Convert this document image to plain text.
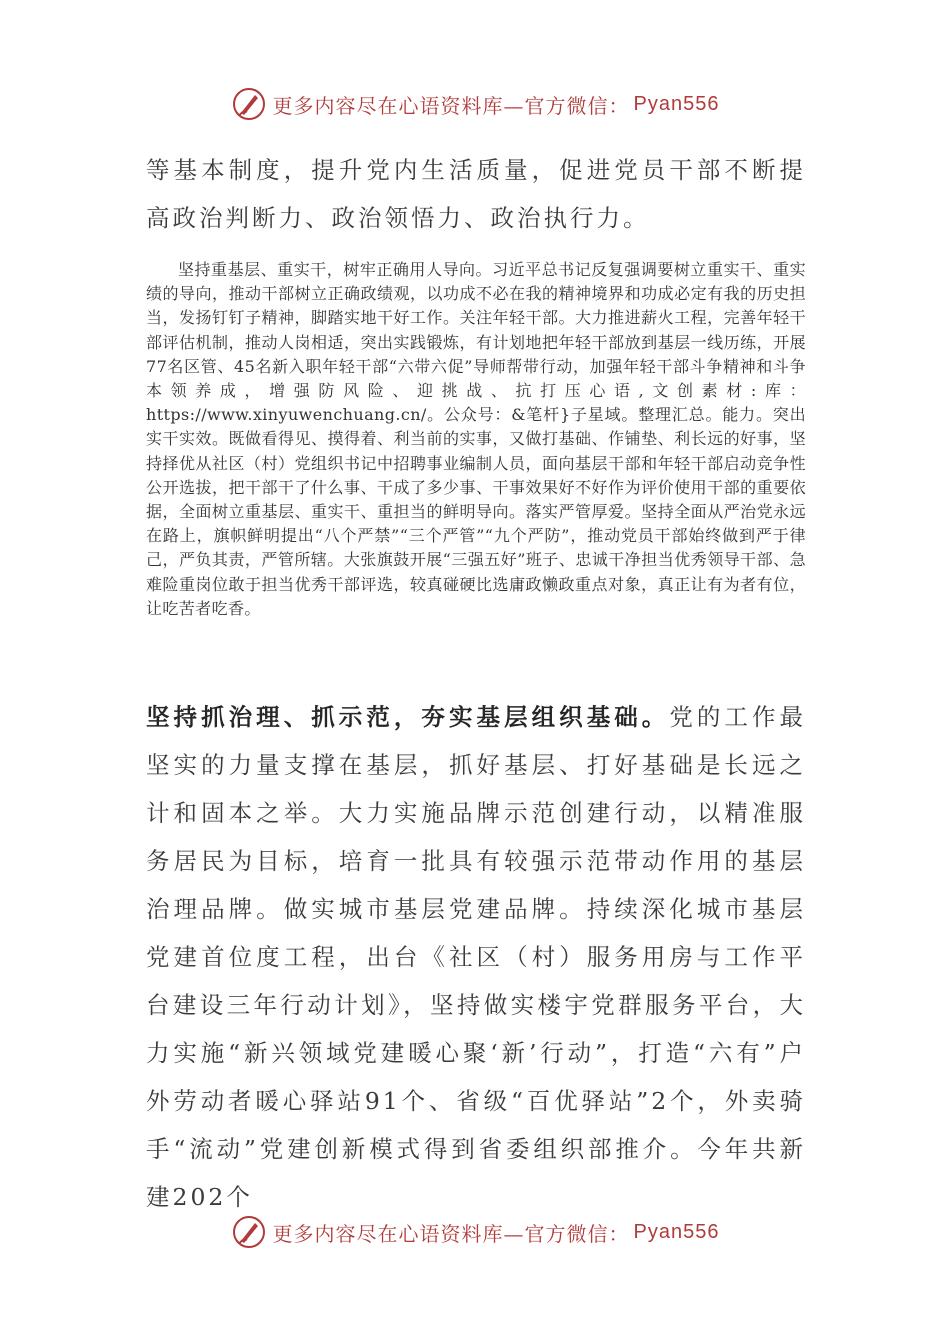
更多内容尽在心语资料库—官方微信： Pyan556

等基本制度，提升党内生活质量，促进党员干部不断提高政治判断力、政治领悟力、政治执行力。

坚持重基层、重实干，树牢正确用人导向。习近平总书记反复强调要树立重实干、重实绩的导向，推动干部树立正确政绩观，以功成不必在我的精神境界和功成必定有我的历史担当，发扬钉钉子精神，脚踏实地干好工作。关注年轻干部。大力推进薪火工程，完善年轻干部评估机制，推动人岗相适，突出实践锻炼，有计划地把年轻干部放到基层一线历练，开展77名区管、45名新入职年轻干部“六带六促”导师帮带行动，加强年轻干部斗争精神和斗争本领养成，增强防风险、迎挑战、抗打压心语,文创素材:库：https://www.xinyuwenchuang.cn/。公众号：&笔杆}子星域。整理汇总。能力。突出实干实效。既做看得见、摸得着、利当前的实事，又做打基础、作铺垫、利长远的好事，坚持择优从社区（村）党组织书记中招聘事业编制人员，面向基层干部和年轻干部启动竞争性公开选拔，把干部干了什么事、干成了多少事、干事效果好不好作为评价使用干部的重要依据，全面树立重基层、重实干、重担当的鲜明导向。落实严管厚爱。坚持全面从严治党永远在路上，旗帜鲜明提出“八个严禁”“三个严管”“九个严防”，推动党员干部始终做到严于律己，严负其责，严管所辖。大张旗鼓开展“三强五好”班子、忠诚干净担当优秀领导干部、急难险重岗位敢于担当优秀干部评选，较真碰硬比选庸政懒政重点对象，真正让有为者有位，让吃苦者吃香。

坚持抓治理、抓示范，夯实基层组织基础。党的工作最坚实的力量支撑在基层，抓好基层、打好基础是长远之计和固本之举。大力实施品牌示范创建行动，以精准服务居民为目标，培育一批具有较强示范带动作用的基层治理品牌。做实城市基层党建品牌。持续深化城市基层党建首位度工程，出台《社区（村）服务用房与工作平台建设三年行动计划》，坚持做实楼宇党群服务平台，大力实施“新兴领域党建暖心聚‘新’行动”，打造“六有”户外劳动者暖心驿站91个、省级“百优驿站”2个，外卖骑手“流动”党建创新模式得到省委组织部推介。今年共新建202个

更多内容尽在心语资料库—官方微信： Pyan556
